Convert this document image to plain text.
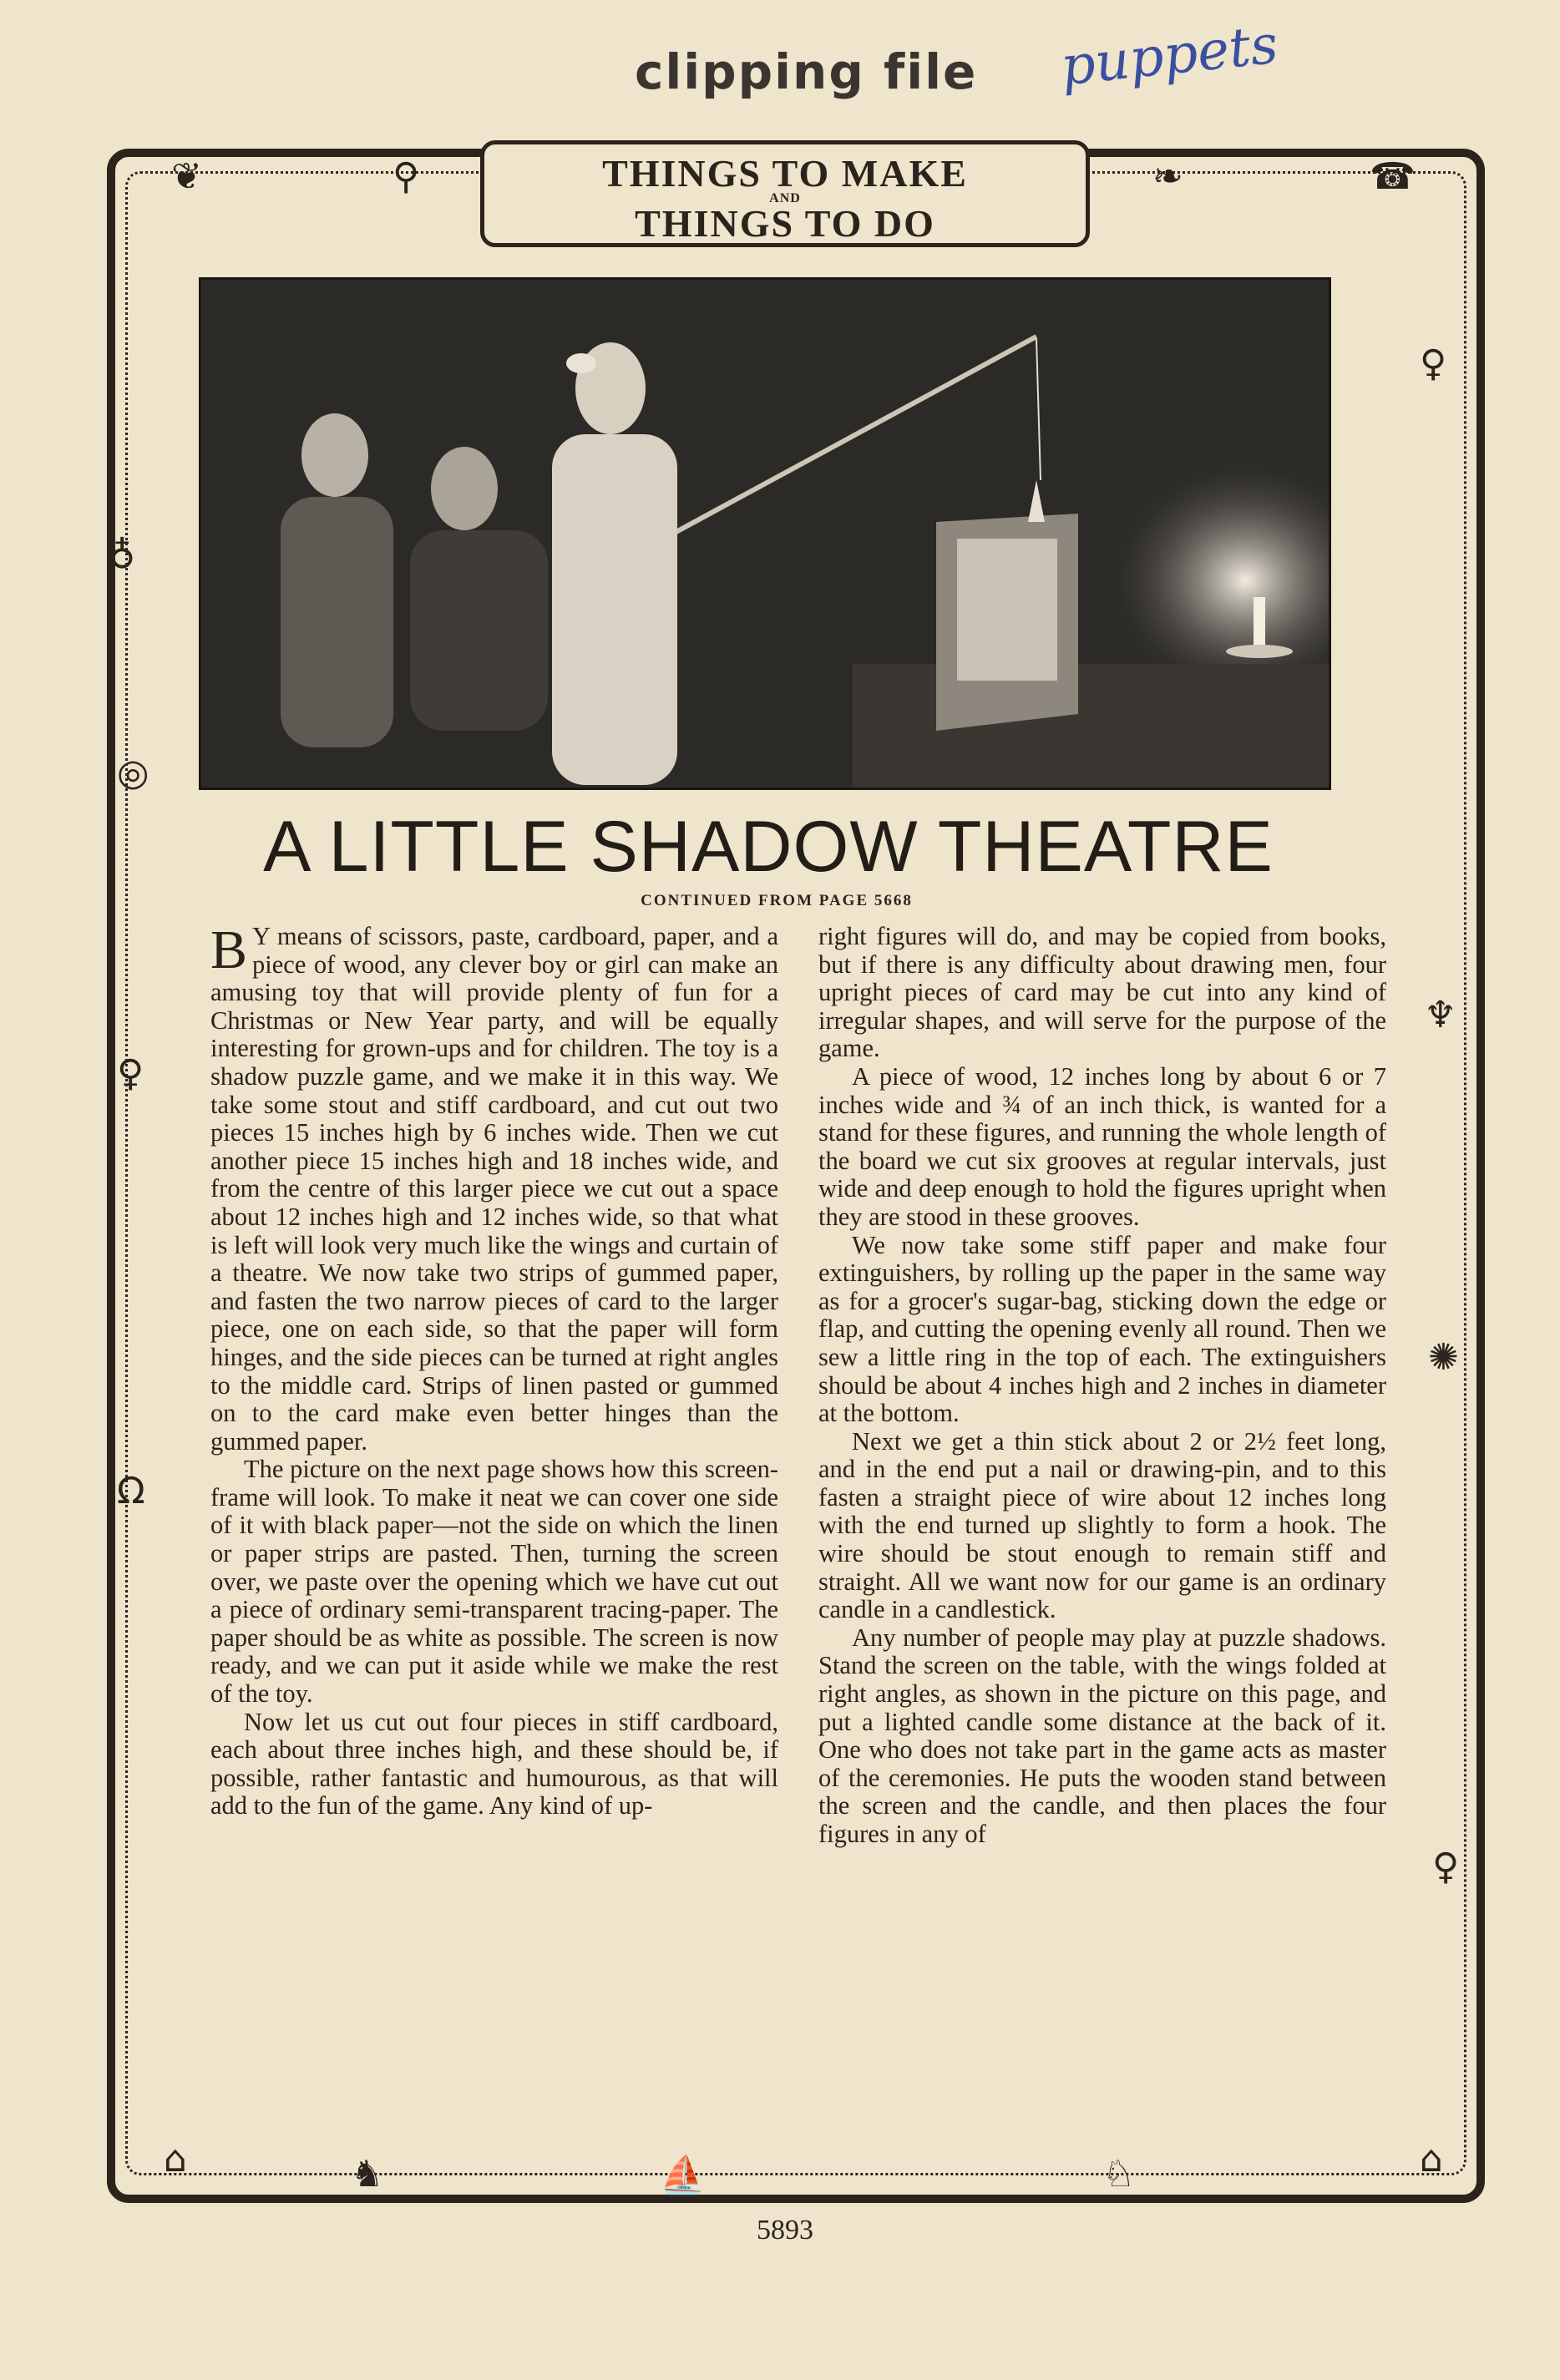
clipping file puppets
❦	⚲	❧	☎
♀
♁
◎
♀
♆
✺
Ω
♀
⌂	♞	⛵	♘	⌂
THINGS TO MAKE
AND
THINGS TO DO
A LITTLE SHADOW THEATRE
CONTINUED FROM PAGE 5668

B Y means of scissors, paste, cardboard, paper, and a piece of wood, any clever boy or girl can make an amusing toy that will provide plenty of fun for a Christmas or New Year party, and will be equally interesting for grown-ups and for children. The toy is a shadow puzzle game, and we make it in this way. We take some stout and stiff cardboard, and cut out two pieces 15 inches high by 6 inches wide. Then we cut another piece 15 inches high and 18 inches wide, and from the centre of this larger piece we cut out a space about 12 inches high and 12 inches wide, so that what is left will look very much like the wings and curtain of a theatre. We now take two strips of gummed paper, and fasten the two narrow pieces of card to the larger piece, one on each side, so that the paper will form hinges, and the side pieces can be turned at right angles to the middle card. Strips of linen pasted or gummed on to the card make even better hinges than the gummed paper.

The picture on the next page shows how this screen-frame will look. To make it neat we can cover one side of it with black paper—not the side on which the linen or paper strips are pasted. Then, turning the screen over, we paste over the opening which we have cut out a piece of ordinary semi-transparent tracing-paper. The paper should be as white as possible. The screen is now ready, and we can put it aside while we make the rest of the toy.

Now let us cut out four pieces in stiff cardboard, each about three inches high, and these should be, if possible, rather fantastic and humourous, as that will add to the fun of the game. Any kind of up-

right figures will do, and may be copied from books, but if there is any difficulty about drawing men, four upright pieces of card may be cut into any kind of irregular shapes, and will serve for the purpose of the game.

A piece of wood, 12 inches long by about 6 or 7 inches wide and ¾ of an inch thick, is wanted for a stand for these figures, and running the whole length of the board we cut six grooves at regular intervals, just wide and deep enough to hold the figures upright when they are stood in these grooves.

We now take some stiff paper and make four extinguishers, by rolling up the paper in the same way as for a grocer's sugar-bag, sticking down the edge or flap, and cutting the opening evenly all round. Then we sew a little ring in the top of each. The extinguishers should be about 4 inches high and 2 inches in diameter at the bottom.

Next we get a thin stick about 2 or 2½ feet long, and in the end put a nail or drawing-pin, and to this fasten a straight piece of wire about 12 inches long with the end turned up slightly to form a hook. The wire should be stout enough to remain stiff and straight. All we want now for our game is an ordinary candle in a candlestick.

Any number of people may play at puzzle shadows. Stand the screen on the table, with the wings folded at right angles, as shown in the picture on this page, and put a lighted candle some distance at the back of it. One who does not take part in the game acts as master of the ceremonies. He puts the wooden stand between the screen and the candle, and then places the four figures in any of

5893
